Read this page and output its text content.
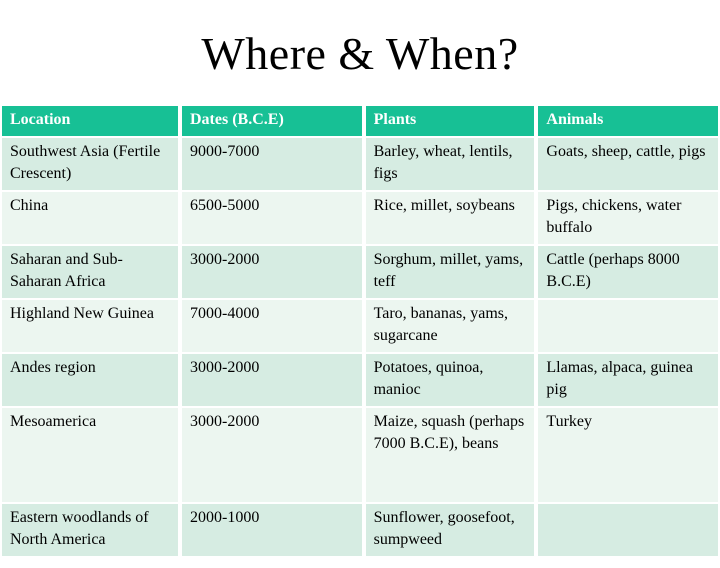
Where & When?
Location	Dates (B.C.E)	Plants	Animals
Southwest Asia (Fertile Crescent)	9000-7000	Barley, wheat, lentils, figs	Goats, sheep, cattle, pigs
China	6500-5000	Rice, millet, soybeans	Pigs, chickens, water buffalo
Saharan and Sub-Saharan Africa	3000-2000	Sorghum, millet, yams, teff	Cattle (perhaps 8000 B.C.E)
Highland New Guinea	7000-4000	Taro, bananas, yams, sugarcane	
Andes region	3000-2000	Potatoes, quinoa, manioc	Llamas, alpaca, guinea pig
Mesoamerica	3000-2000	Maize, squash (perhaps 7000 B.C.E), beans	Turkey
Eastern woodlands of North America	2000-1000	Sunflower, goosefoot, sumpweed	
